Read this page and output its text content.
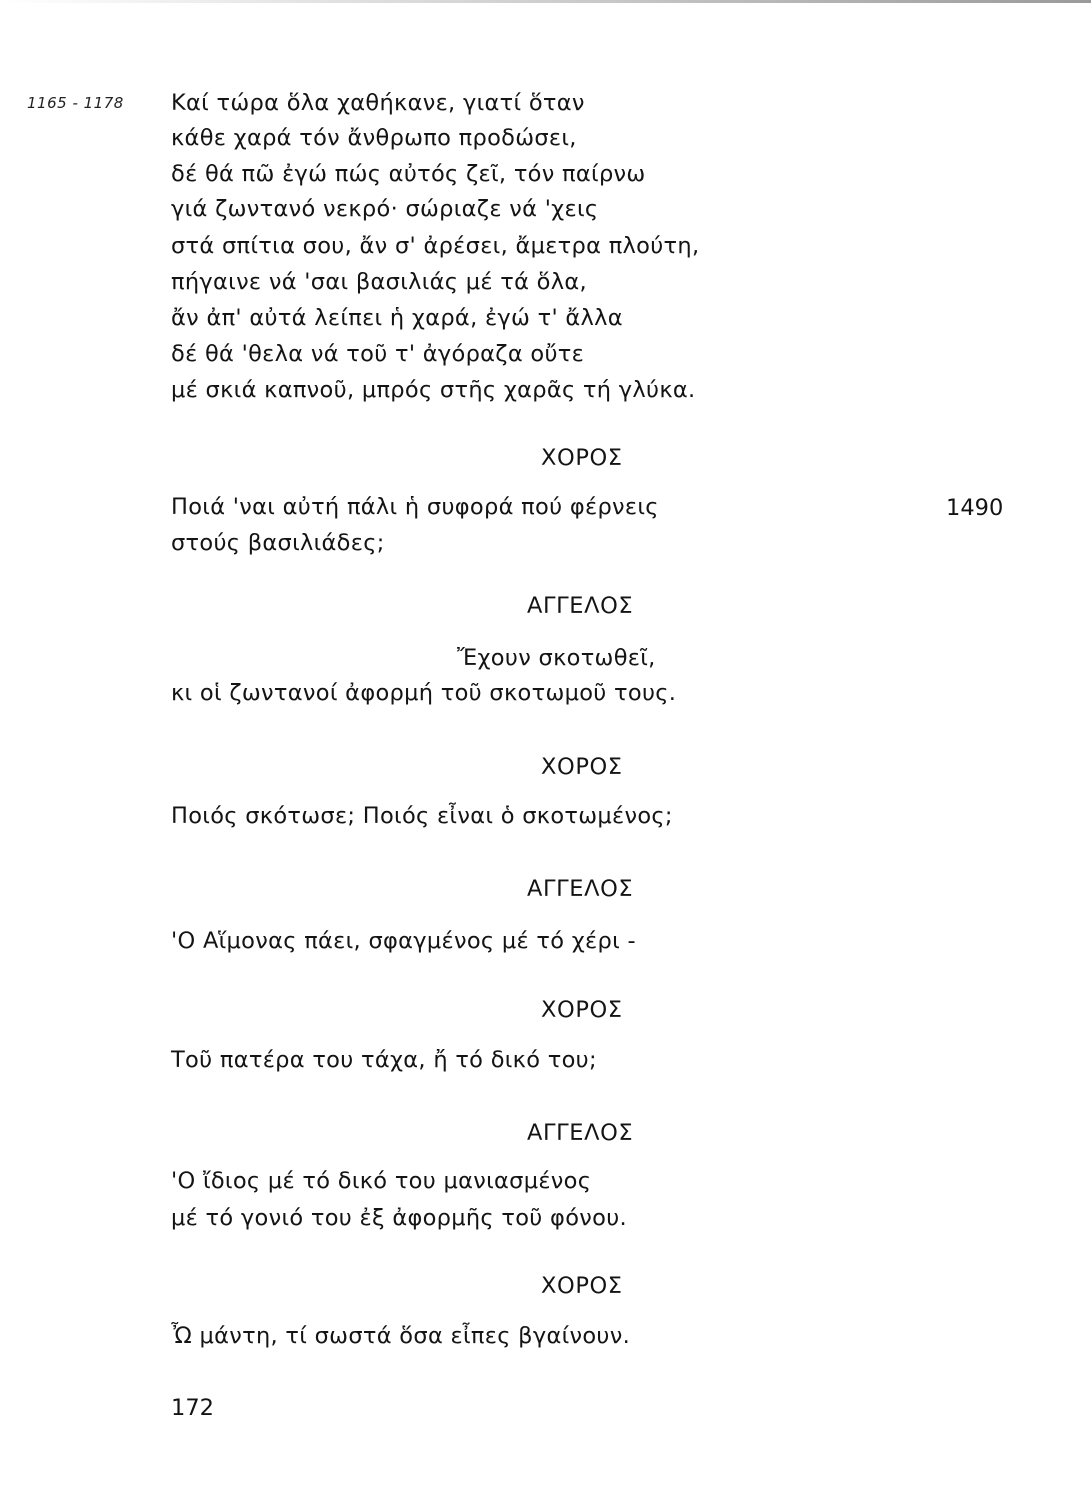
1165 - 1178 Καί τώρα ὅλα χαθήκανε, γιατί ὅταν
κάθε χαρά τόν ἄνθρωπο προδώσει,
δέ θά πῶ ἐγώ πώς αὐτός ζεῖ, τόν παίρνω
γιά ζωντανό νεκρό· σώριαζε νά 'χεις
στά σπίτια σου, ἄν σ' ἀρέσει, ἄμετρα πλούτη,
πήγαινε νά 'σαι βασιλιάς μέ τά ὅλα,
ἄν ἀπ' αὐτά λείπει ἡ χαρά, ἐγώ τ' ἄλλα
δέ θά 'θελα νά τοῦ τ' ἀγόραζα οὔτε
μέ σκιά καπνοῦ, μπρός στῆς χαρᾶς τή γλύκα.
ΧΟΡΟΣ
Ποιά 'ναι αὐτή πάλι ἡ συφορά πού φέρνεις
στούς βασιλιάδες;
1490
ΑΓΓΕΛΟΣ
Ἔχουν σκοτωθεῖ,
κι οἱ ζωντανοί ἀφορμή τοῦ σκοτωμοῦ τους.
ΧΟΡΟΣ
Ποιός σκότωσε; Ποιός εἶναι ὁ σκοτωμένος;
ΑΓΓΕΛΟΣ
'Ο Αἵμονας πάει, σφαγμένος μέ τό χέρι -
ΧΟΡΟΣ
Τοῦ πατέρα του τάχα, ἤ τό δικό του;
ΑΓΓΕΛΟΣ
'Ο ἴδιος μέ τό δικό του μανιασμένος
μέ τό γονιό του ἐξ ἀφορμῆς τοῦ φόνου.
ΧΟΡΟΣ
Ὦ μάντη, τί σωστά ὅσα εἶπες βγαίνουν.
172
